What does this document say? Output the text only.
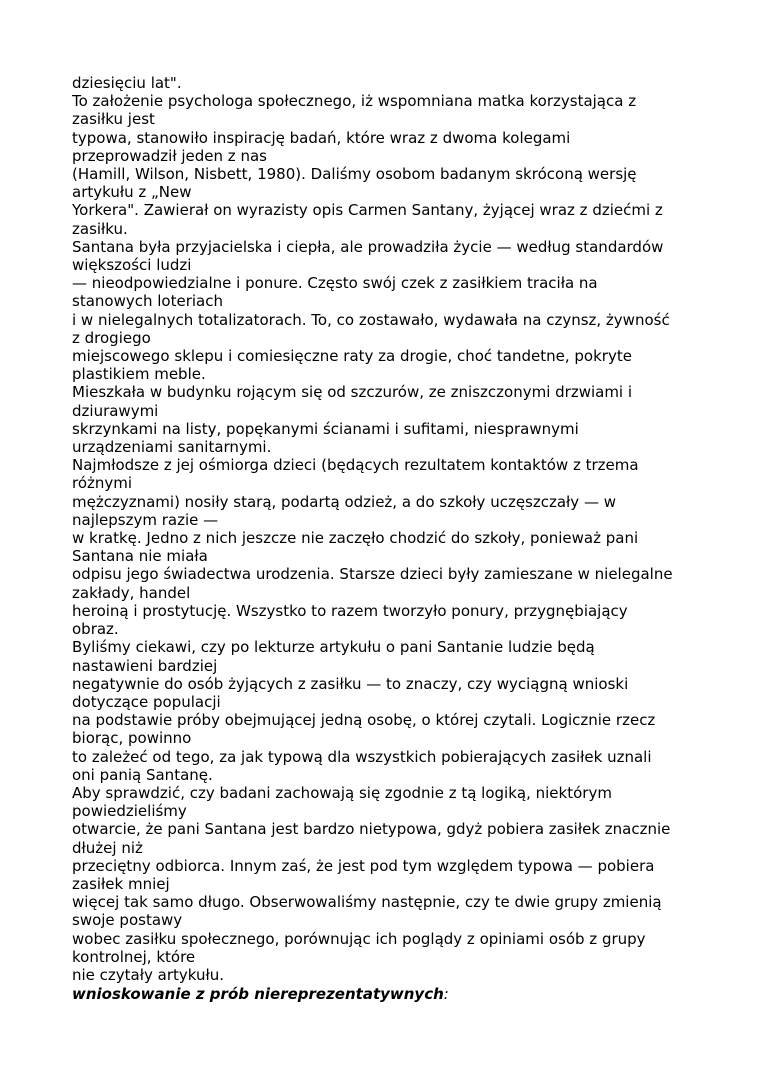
dziesięciu lat".
To założenie psychologa społecznego, iż wspomniana matka korzystająca z
zasiłku jest
typowa, stanowiło inspirację badań, które wraz z dwoma kolegami
przeprowadził jeden z nas
(Hamill, Wilson, Nisbett, 1980). Daliśmy osobom badanym skróconą wersję
artykułu z „New
Yorkera". Zawierał on wyrazisty opis Carmen Santany, żyjącej wraz z dziećmi z
zasiłku.
Santana była przyjacielska i ciepła, ale prowadziła życie — według standardów
większości ludzi
— nieodpowiedzialne i ponure. Często swój czek z zasiłkiem traciła na
stanowych loteriach
i w nielegalnych totalizatorach. To, co zostawało, wydawała na czynsz, żywność
z drogiego
miejscowego sklepu i comiesięczne raty za drogie, choć tandetne, pokryte
plastikiem meble.
Mieszkała w budynku rojącym się od szczurów, ze zniszczonymi drzwiami i
dziurawymi
skrzynkami na listy, popękanymi ścianami i sufitami, niesprawnymi
urządzeniami sanitarnymi.
Najmłodsze z jej ośmiorga dzieci (będących rezultatem kontaktów z trzema
różnymi
mężczyznami) nosiły starą, podartą odzież, a do szkoły uczęszczały — w
najlepszym razie —
w kratkę. Jedno z nich jeszcze nie zaczęło chodzić do szkoły, ponieważ pani
Santana nie miała
odpisu jego świadectwa urodzenia. Starsze dzieci były zamieszane w nielegalne
zakłady, handel
heroiną i prostytucję. Wszystko to razem tworzyło ponury, przygnębiający
obraz.
Byliśmy ciekawi, czy po lekturze artykułu o pani Santanie ludzie będą
nastawieni bardziej
negatywnie do osób żyjących z zasiłku — to znaczy, czy wyciągną wnioski
dotyczące populacji
na podstawie próby obejmującej jedną osobę, o której czytali. Logicznie rzecz
biorąc, powinno
to zależeć od tego, za jak typową dla wszystkich pobierających zasiłek uznali
oni panią Santanę.
Aby sprawdzić, czy badani zachowają się zgodnie z tą logiką, niektórym
powiedzieliśmy
otwarcie, że pani Santana jest bardzo nietypowa, gdyż pobiera zasiłek znacznie
dłużej niż
przeciętny odbiorca. Innym zaś, że jest pod tym względem typowa — pobiera
zasiłek mniej
więcej tak samo długo. Obserwowaliśmy następnie, czy te dwie grupy zmienią
swoje postawy
wobec zasiłku społecznego, porównując ich poglądy z opiniami osób z grupy
kontrolnej, które
nie czytały artykułu.
wnioskowanie z prób niereprezentatywnych:
